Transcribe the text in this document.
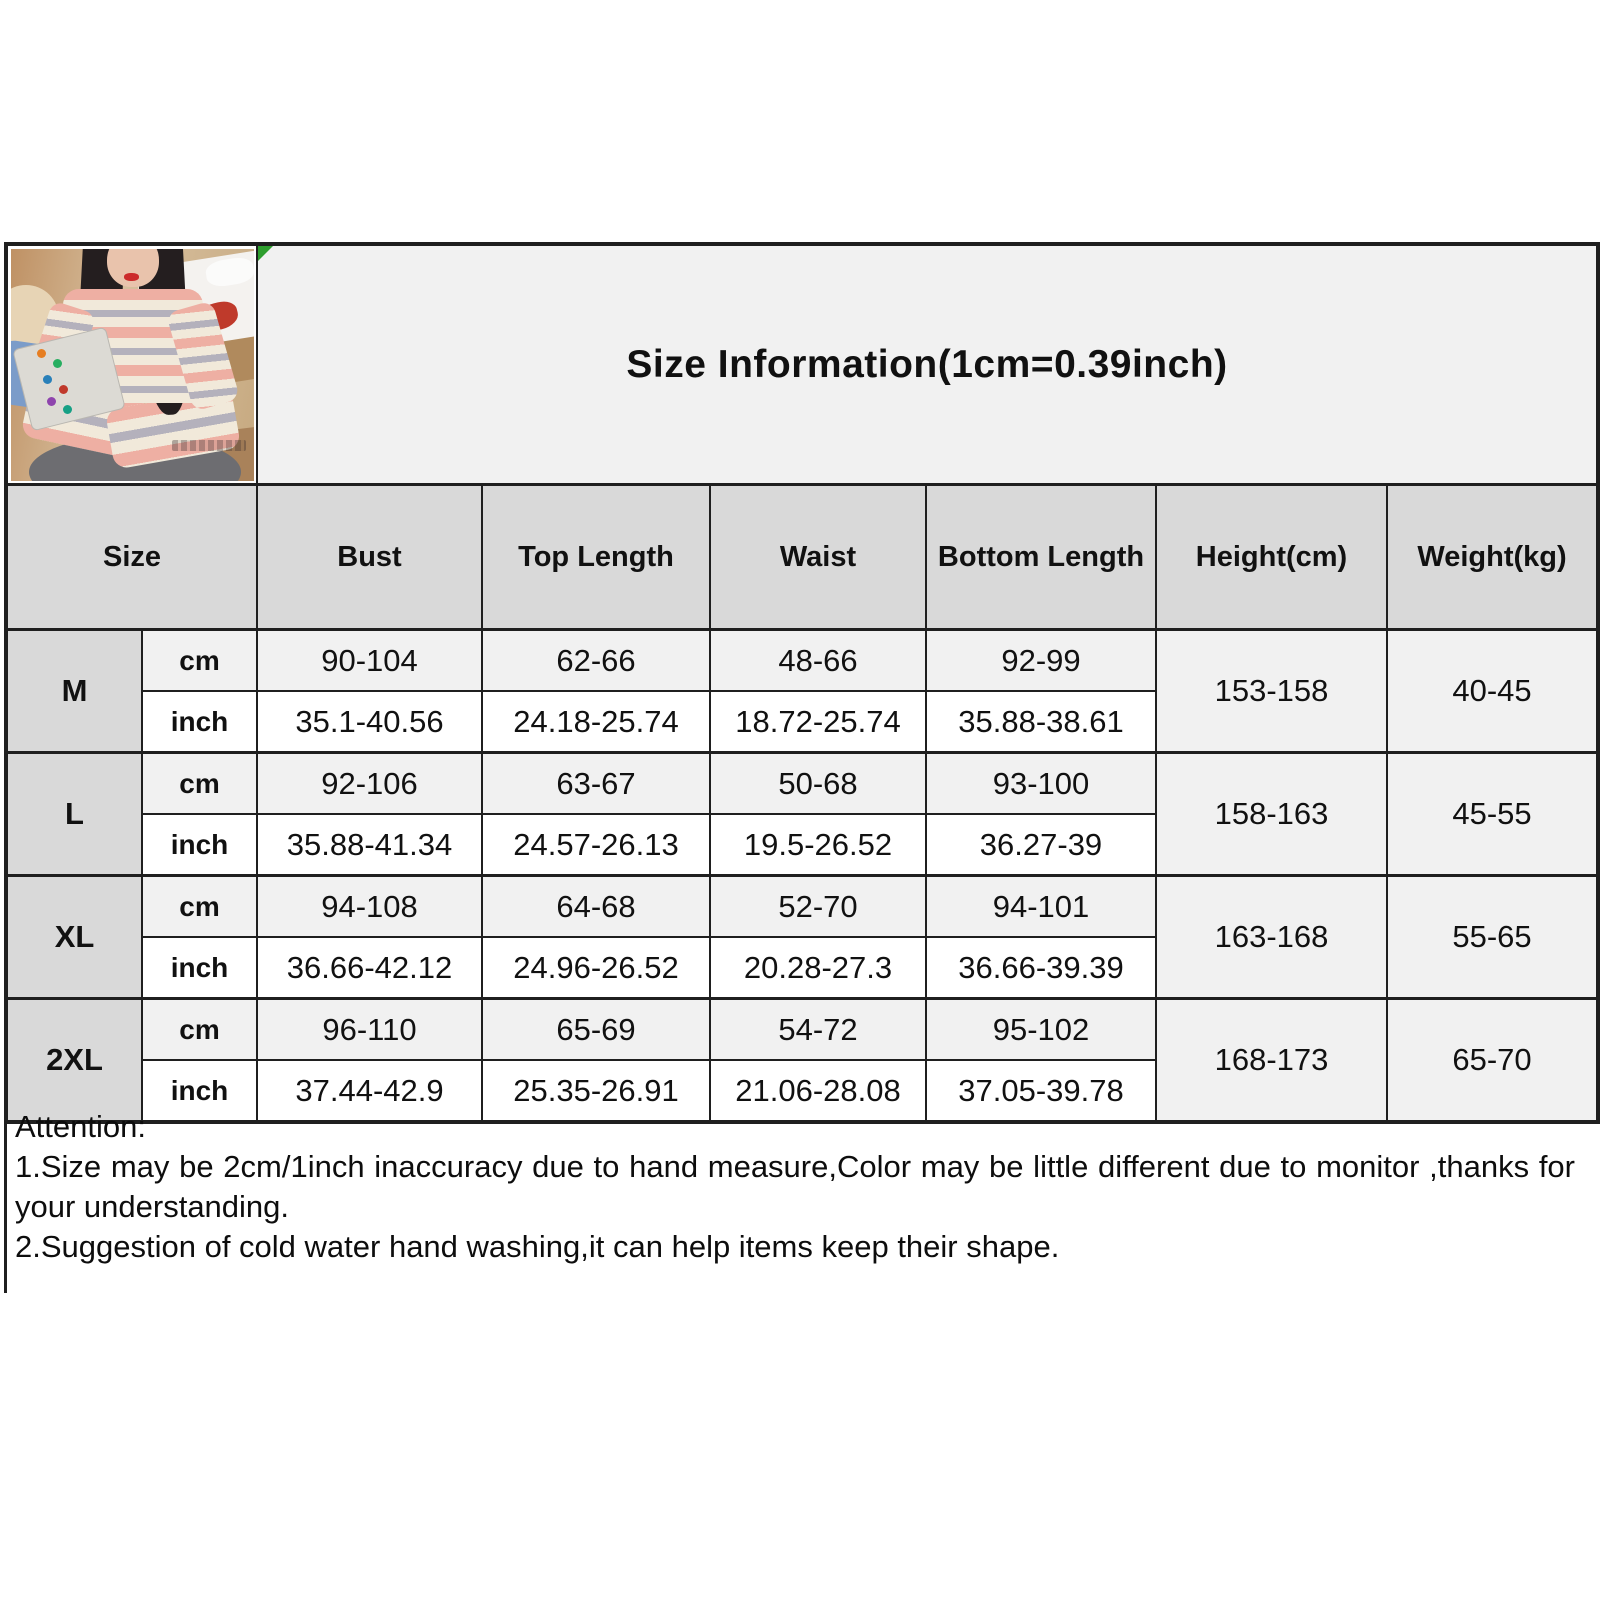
		Size Information(1cm=0.39inch)					

Size		Bust	Top Length	Waist	Bottom Length	Height(cm)	Weight(kg)
M	cm	90-104	62-66	48-66	92-99	153-158	40-45
	inch	35.1-40.56	24.18-25.74	18.72-25.74	35.88-38.61		
L	cm	92-106	63-67	50-68	93-100	158-163	45-55
	inch	35.88-41.34	24.57-26.13	19.5-26.52	36.27-39		
XL	cm	94-108	64-68	52-70	94-101	163-168	55-65
	inch	36.66-42.12	24.96-26.52	20.28-27.3	36.66-39.39		
2XL	cm	96-110	65-69	54-72	95-102	168-173	65-70
	inch	37.44-42.9	25.35-26.91	21.06-28.08	37.05-39.78		

Attention:

1.Size may be 2cm/1inch inaccuracy due to hand measure,Color may be little different due to monitor ,thanks for your understanding.

2.Suggestion of cold water hand washing,it can help items keep their shape.
